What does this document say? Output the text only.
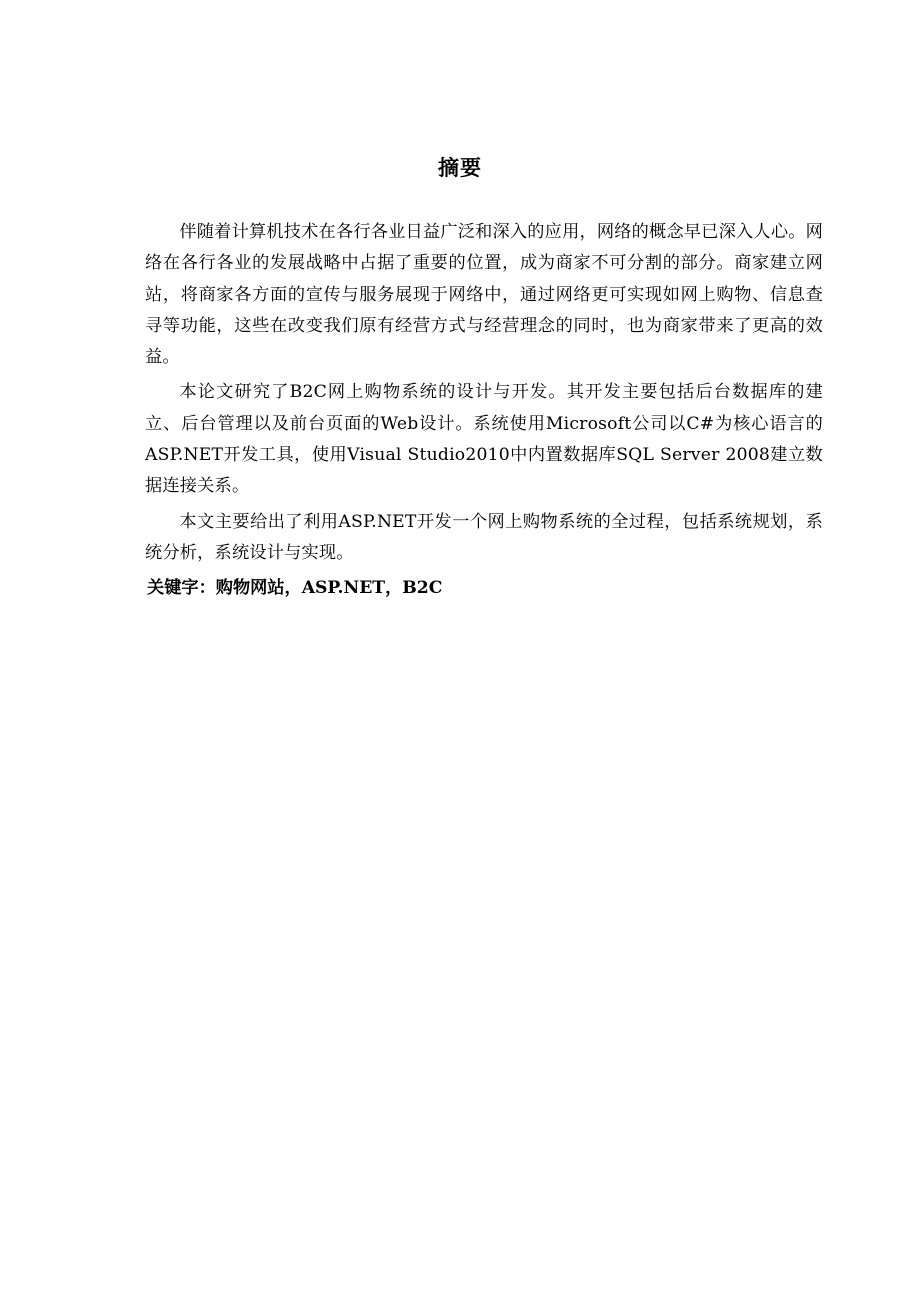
摘要

伴随着计算机技术在各行各业日益广泛和深入的应用，网络的概念早已深入人心。网络在各行各业的发展战略中占据了重要的位置，成为商家不可分割的部分。商家建立网站，将商家各方面的宣传与服务展现于网络中，通过网络更可实现如网上购物、信息查寻等功能，这些在改变我们原有经营方式与经营理念的同时，也为商家带来了更高的效益。

本论文研究了B2C网上购物系统的设计与开发。其开发主要包括后台数据库的建立、后台管理以及前台页面的Web设计。系统使用Microsoft公司以C#为核心语言的ASP.NET开发工具，使用Visual Studio2010中内置数据库SQL Server 2008建立数据连接关系。

本文主要给出了利用ASP.NET开发一个网上购物系统的全过程，包括系统规划，系统分析，系统设计与实现。

关键字：购物网站，ASP.NET，B2C
